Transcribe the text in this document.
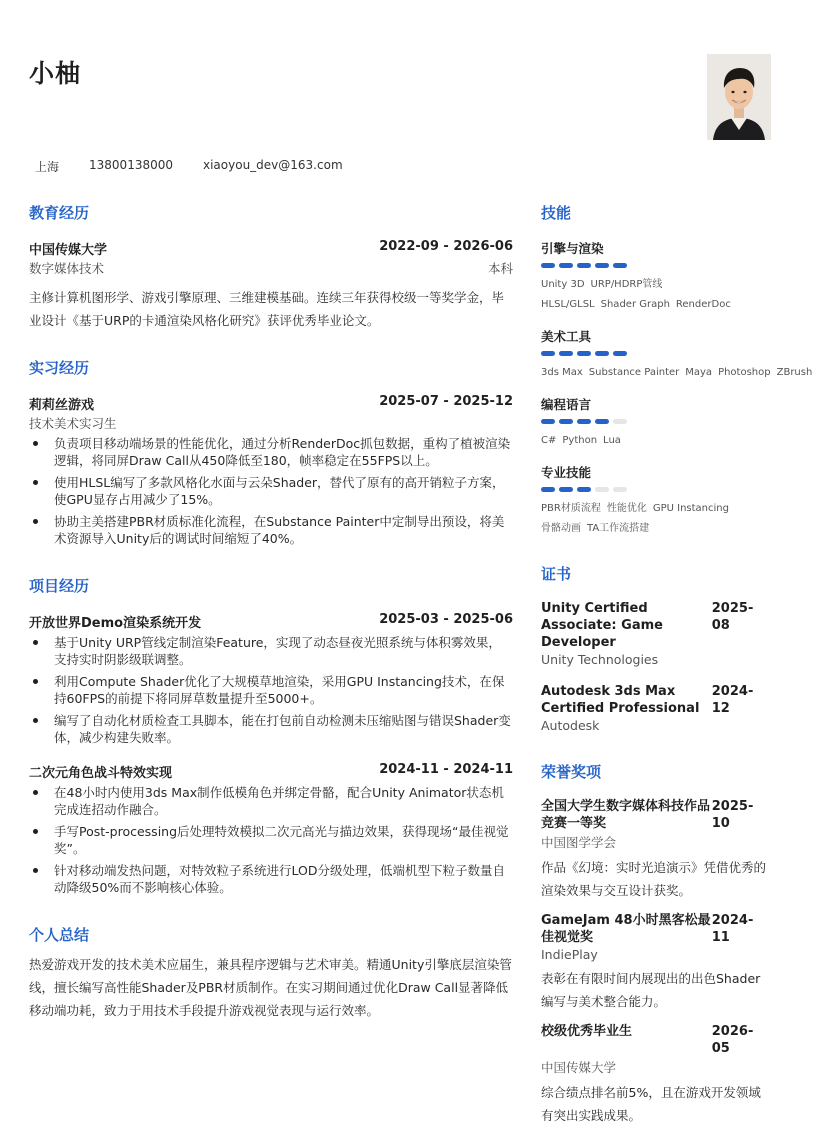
小柚
上海	13800138000	xiaoyou_dev@163.com
教育经历
中国传媒大学	2022-09 - 2026-06
数字媒体技术	本科

主修计算机图形学、游戏引擎原理、三维建模基础。连续三年获得校级一等奖学金，毕业设计《基于URP的卡通渲染风格化研究》获评优秀毕业论文。

实习经历
莉莉丝游戏	2025-07 - 2025-12
技术美术实习生
负责项目移动端场景的性能优化，通过分析RenderDoc抓包数据，重构了植被渲染逻辑，将同屏Draw Call从450降低至180，帧率稳定在55FPS以上。
使用HLSL编写了多款风格化水面与云朵Shader，替代了原有的高开销粒子方案，使GPU显存占用减少了15%。
协助主美搭建PBR材质标准化流程，在Substance Painter中定制导出预设，将美术资源导入Unity后的调试时间缩短了40%。
项目经历
开放世界Demo渲染系统开发	2025-03 - 2025-06
基于Unity URP管线定制渲染Feature，实现了动态昼夜光照系统与体积雾效果，支持实时阴影级联调整。
利用Compute Shader优化了大规模草地渲染，采用GPU Instancing技术，在保持60FPS的前提下将同屏草数量提升至5000+。
编写了自动化材质检查工具脚本，能在打包前自动检测未压缩贴图与错误Shader变体，减少构建失败率。
二次元角色战斗特效实现	2024-11 - 2024-11
在48小时内使用3ds Max制作低模角色并绑定骨骼，配合Unity Animator状态机完成连招动作融合。
手写Post-processing后处理特效模拟二次元高光与描边效果，获得现场“最佳视觉奖”。
针对移动端发热问题，对特效粒子系统进行LOD分级处理，低端机型下粒子数量自动降级50%而不影响核心体验。
个人总结

热爱游戏开发的技术美术应届生，兼具程序逻辑与艺术审美。精通Unity引擎底层渲染管线，擅长编写高性能Shader及PBR材质制作。在实习期间通过优化Draw Call显著降低移动端功耗，致力于用技术手段提升游戏视觉表现与运行效率。

技能
引擎与渲染
Unity 3D URP/HDRP管线HLSL/GLSL Shader Graph RenderDoc
美术工具
3ds Max Substance Painter Maya Photoshop ZBrush
编程语言
C# Python Lua
专业技能
PBR材质流程 性能优化 GPU Instancing骨骼动画 TA工作流搭建
证书
Unity Certified Associate: Game Developer
2025-08
Unity Technologies
Autodesk 3ds Max Certified Professional
2024-12
Autodesk
荣誉奖项
全国大学生数字媒体科技作品竞赛一等奖
2025-10
中国图学学会

作品《幻境：实时光追演示》凭借优秀的渲染效果与交互设计获奖。

GameJam 48小时黑客松最佳视觉奖
2024-11
IndiePlay

表彰在有限时间内展现出的出色Shader编写与美术整合能力。

校级优秀毕业生	2026-05
中国传媒大学

综合绩点排名前5%，且在游戏开发领域有突出实践成果。
